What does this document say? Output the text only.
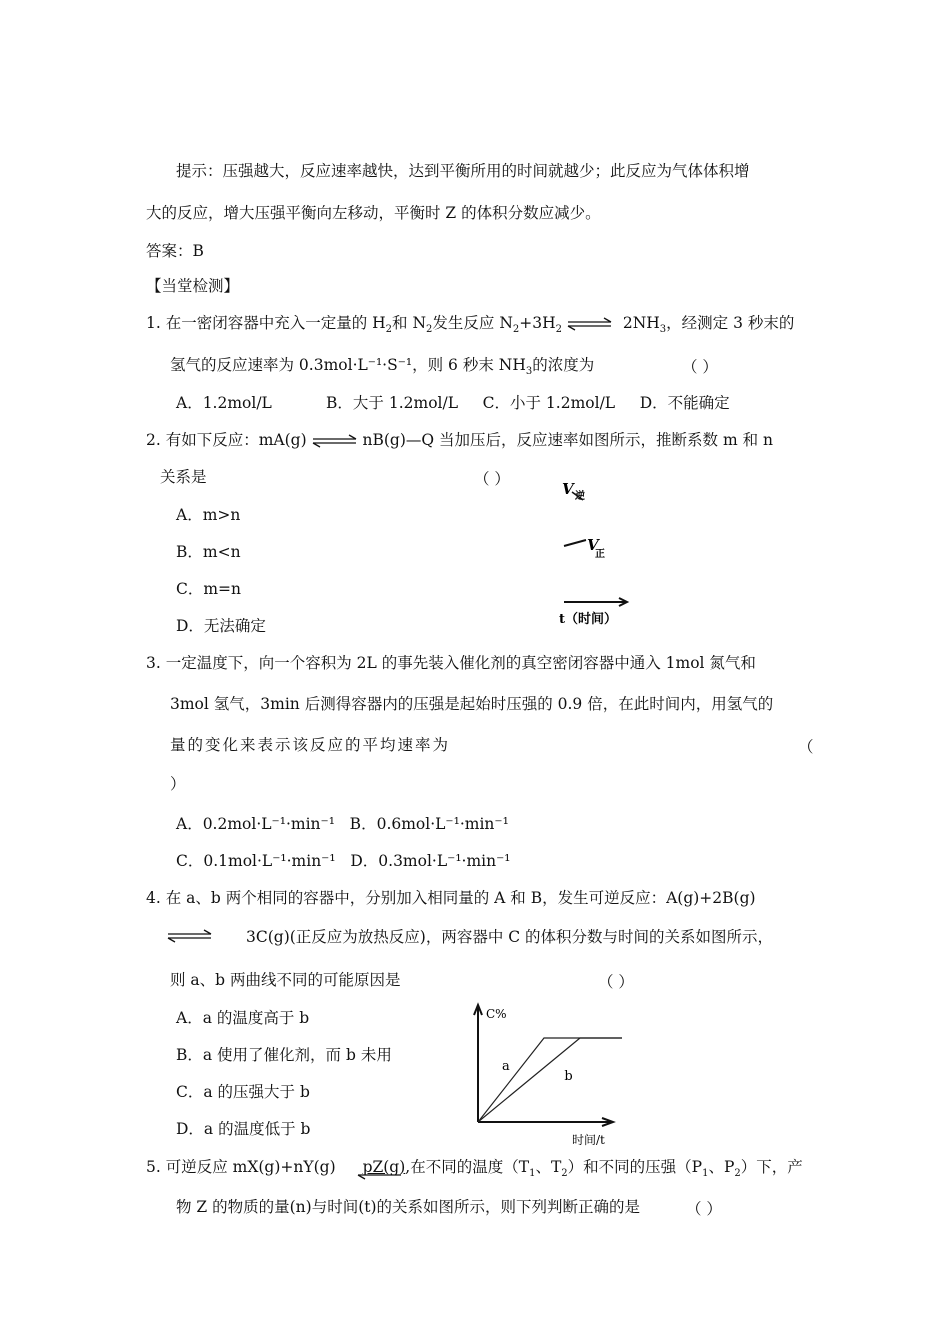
提示：压强越大，反应速率越快，达到平衡所用的时间就越少；此反应为气体体积增
大的反应，增大压强平衡向左移动，平衡时 Z 的体积分数应减少。
答案：B
【当堂检测】
1. 在一密闭容器中充入一定量的 $H_2$和 $N_2$发生反应 $N_2+3H_2$ ⇌ $2NH_3$，经测定 3 秒末的
氢气的反应速率为 0.3mol·L⁻¹·S⁻¹，则 6 秒末 $NH_3$的浓度为	（ ）
A．1.2mol/L           B．大于 1.2mol/L     C．小于 1.2mol/L     D．不能确定
2. 有如下反应：mA(g) ⇌ nB(g)—Q 当加压后，反应速率如图所示，推断系数 m 和 n
关系是	（ ）
A．m>n
B．m<n
C．m=n
D．无法确定
V 逆
V
正
t（时间）
3. 一定温度下，向一个容积为 2L 的事先装入催化剂的真空密闭容器中通入 1mol 氮气和
3mol 氢气，3min 后测得容器内的压强是起始时压强的 0.9 倍，在此时间内，用氢气的
量的变化来表示该反应的平均速率为	（
）
A．0.2mol·L⁻¹·min⁻¹   B．0.6mol·L⁻¹·min⁻¹
C．0.1mol·L⁻¹·min⁻¹   D．0.3mol·L⁻¹·min⁻¹
4. 在 a、b 两个相同的容器中，分别加入相同量的 A 和 B，发生可逆反应：A(g)+2B(g)
3C(g)(正反应为放热反应)，两容器中 C 的体积分数与时间的关系如图所示，
则 a、b 两曲线不同的可能原因是	（ ）
A．a 的温度高于 b
B．a 使用了催化剂，而 b 未用
C．a 的压强大于 b
D．a 的温度低于 b
C%
时间/t
a
b
5. 可逆反应 mX(g)+nY(g) pZ(g)
,在不同的温度（$T_1$、$T_2$）和不同的压强（$P_1$、$P_2$）下，产
物 Z 的物质的量(n)与时间(t)的关系如图所示，则下列判断正确的是	（ ）
